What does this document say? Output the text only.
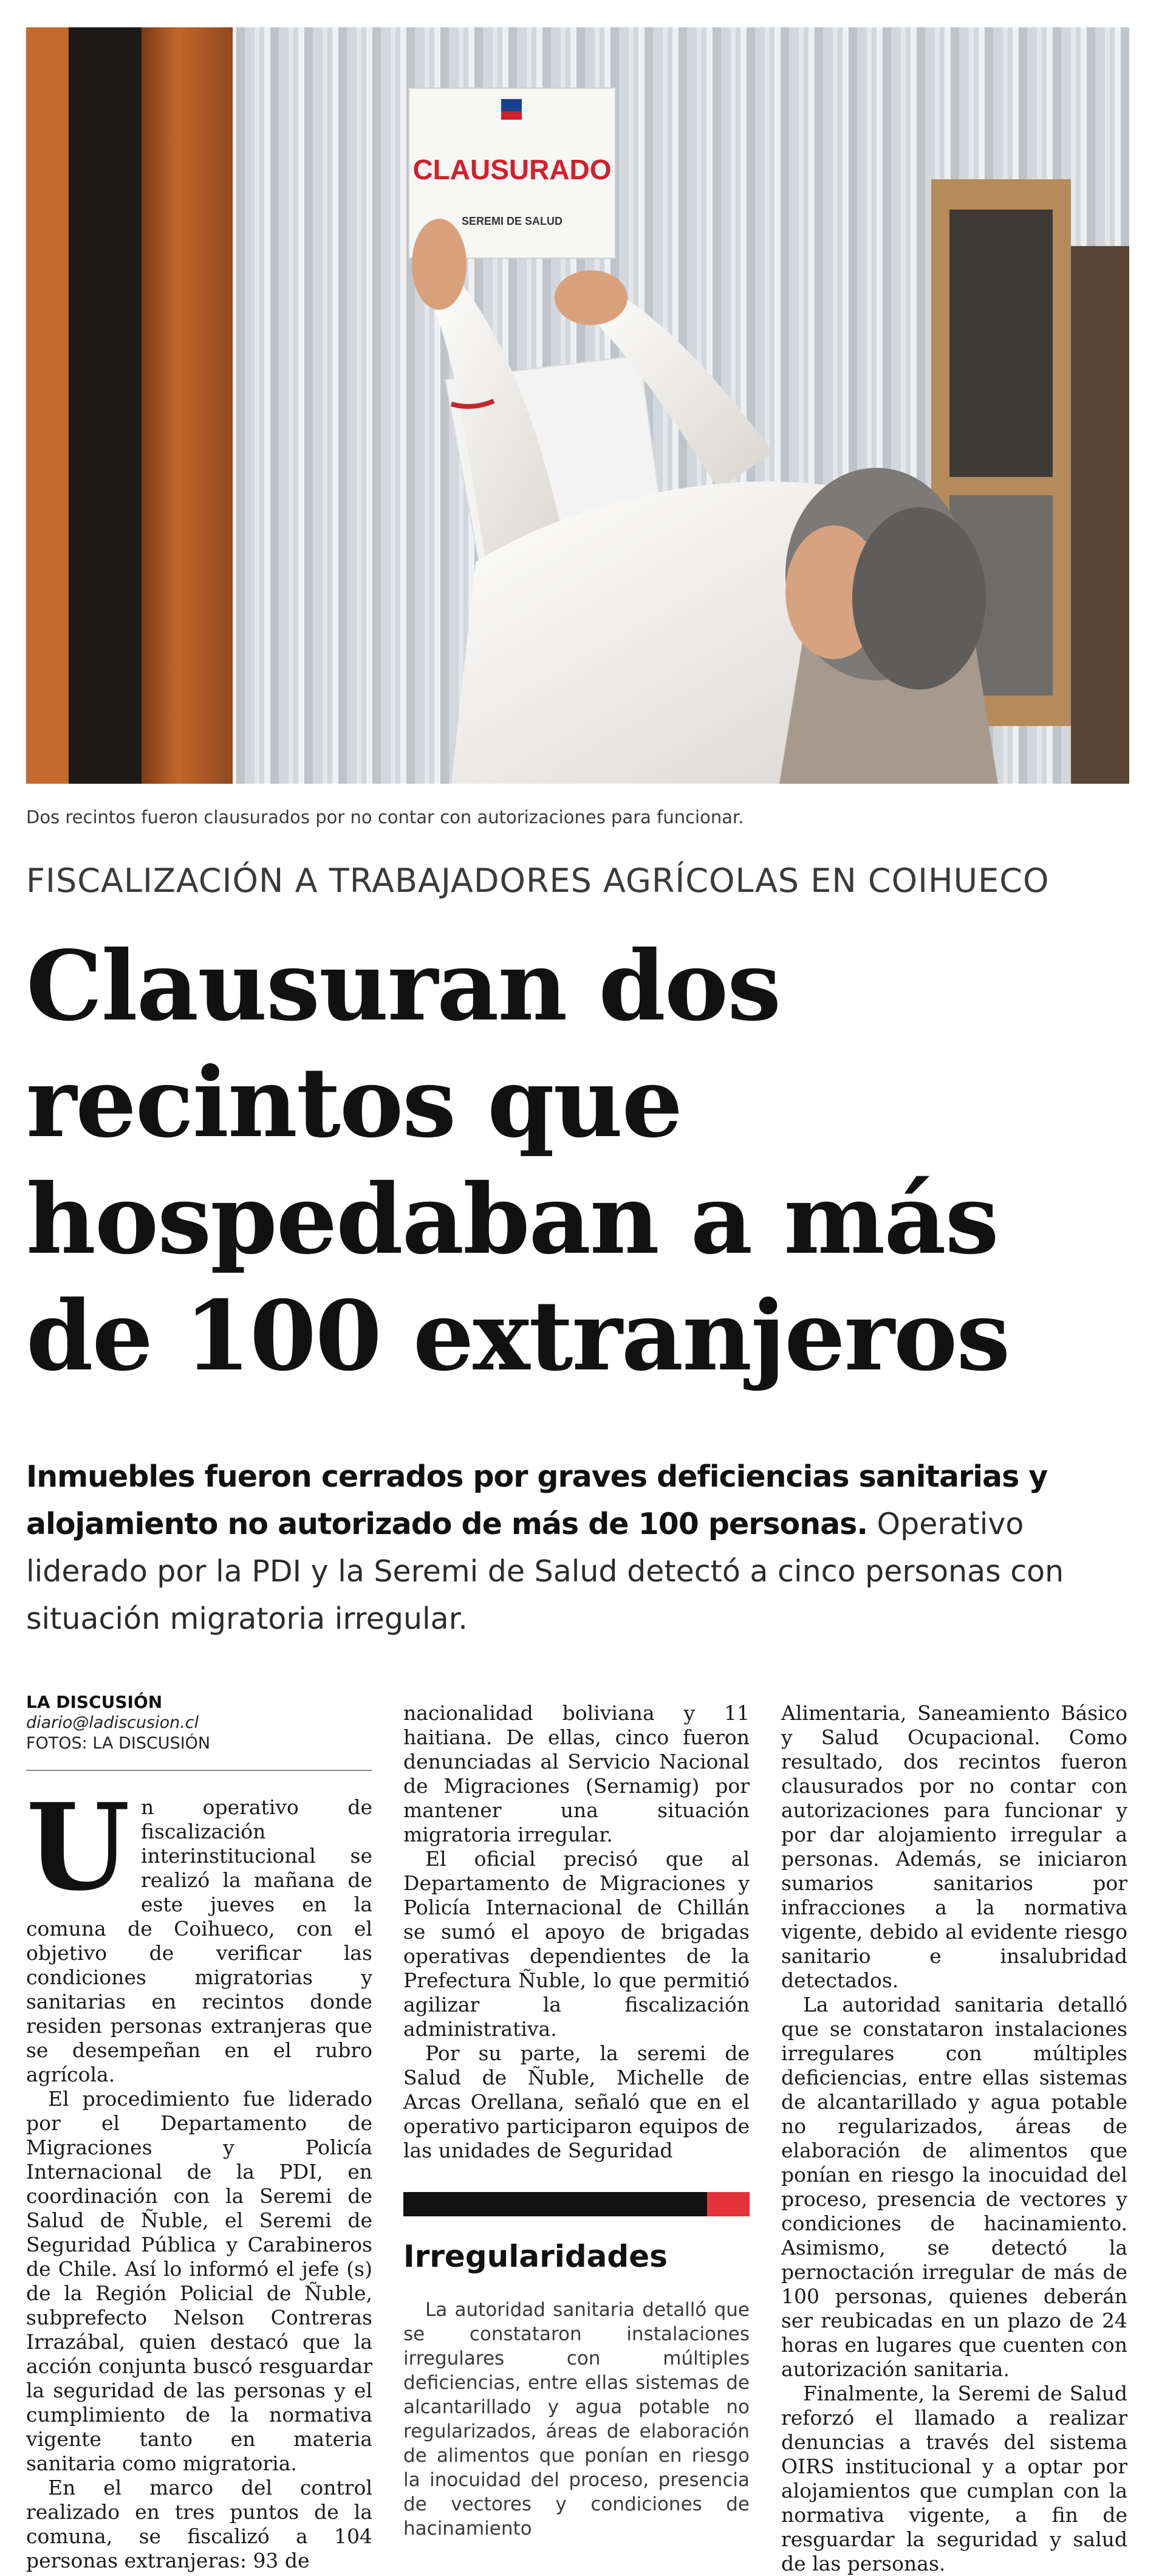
CLAUSURADO
SEREMI DE SALUD
Dos recintos fueron clausurados por no contar con autorizaciones para funcionar.
FISCALIZACIÓN A TRABAJADORES AGRÍCOLAS EN COIHUECO
Clausuran dos
recintos que
hospedaban a más
de 100 extranjeros

Inmuebles fueron cerrados por graves deficiencias sanitarias y alojamiento no autorizado de más de 100 personas. Operativo liderado por la PDI y la Seremi de Salud detectó a cinco personas con situación migratoria irregular.

LA DISCUSIÓN
diario@ladiscusion.cl
FOTOS: LA DISCUSIÓN

Un operativo de fiscalización interinstitucional se realizó la mañana de este jueves en la comuna de Coihueco, con el objetivo de verificar las condiciones migratorias y sanitarias en recintos donde residen personas extranjeras que se desempeñan en el rubro agrícola.

El procedimiento fue liderado por el Departamento de Migraciones y Policía Internacional de la PDI, en coordinación con la Seremi de Salud de Ñuble, el Seremi de Seguridad Pública y Carabineros de Chile. Así lo informó el jefe (s) de la Región Policial de Ñuble, subprefecto Nelson Contreras Irrazábal, quien destacó que la acción conjunta buscó resguardar la seguridad de las personas y el cumplimiento de la normativa vigente tanto en materia sanitaria como migratoria.

En el marco del control realizado en tres puntos de la comuna, se fiscalizó a 104 personas extranjeras: 93 de

nacionalidad boliviana y 11 haitiana. De ellas, cinco fueron denunciadas al Servicio Nacional de Migraciones (Sernamig) por mantener una situación migratoria irregular.

El oficial precisó que al Departamento de Migraciones y Policía Internacional de Chillán se sumó el apoyo de brigadas operativas dependientes de la Prefectura Ñuble, lo que permitió agilizar la fiscalización administrativa.

Por su parte, la seremi de Salud de Ñuble, Michelle de Arcas Orellana, señaló que en el operativo participaron equipos de las unidades de Seguridad

Irregularidades

La autoridad sanitaria detalló que se constataron instalaciones irregulares con múltiples deficiencias, entre ellas sistemas de alcantarillado y agua potable no regularizados, áreas de elaboración de alimentos que ponían en riesgo la inocuidad del proceso, presencia de vectores y condiciones de hacinamiento

Alimentaria, Saneamiento Básico y Salud Ocupacional. Como resultado, dos recintos fueron clausurados por no contar con autorizaciones para funcionar y por dar alojamiento irregular a personas. Además, se iniciaron sumarios sanitarios por infracciones a la normativa vigente, debido al evidente riesgo sanitario e insalubridad detectados.

La autoridad sanitaria detalló que se constataron instalaciones irregulares con múltiples deficiencias, entre ellas sistemas de alcantarillado y agua potable no regularizados, áreas de elaboración de alimentos que ponían en riesgo la inocuidad del proceso, presencia de vectores y condiciones de hacinamiento. Asimismo, se detectó la pernoctación irregular de más de 100 personas, quienes deberán ser reubicadas en un plazo de 24 horas en lugares que cuenten con autorización sanitaria.

Finalmente, la Seremi de Salud reforzó el llamado a realizar denuncias a través del sistema OIRS institucional y a optar por alojamientos que cumplan con la normativa vigente, a fin de resguardar la seguridad y salud de las personas.
